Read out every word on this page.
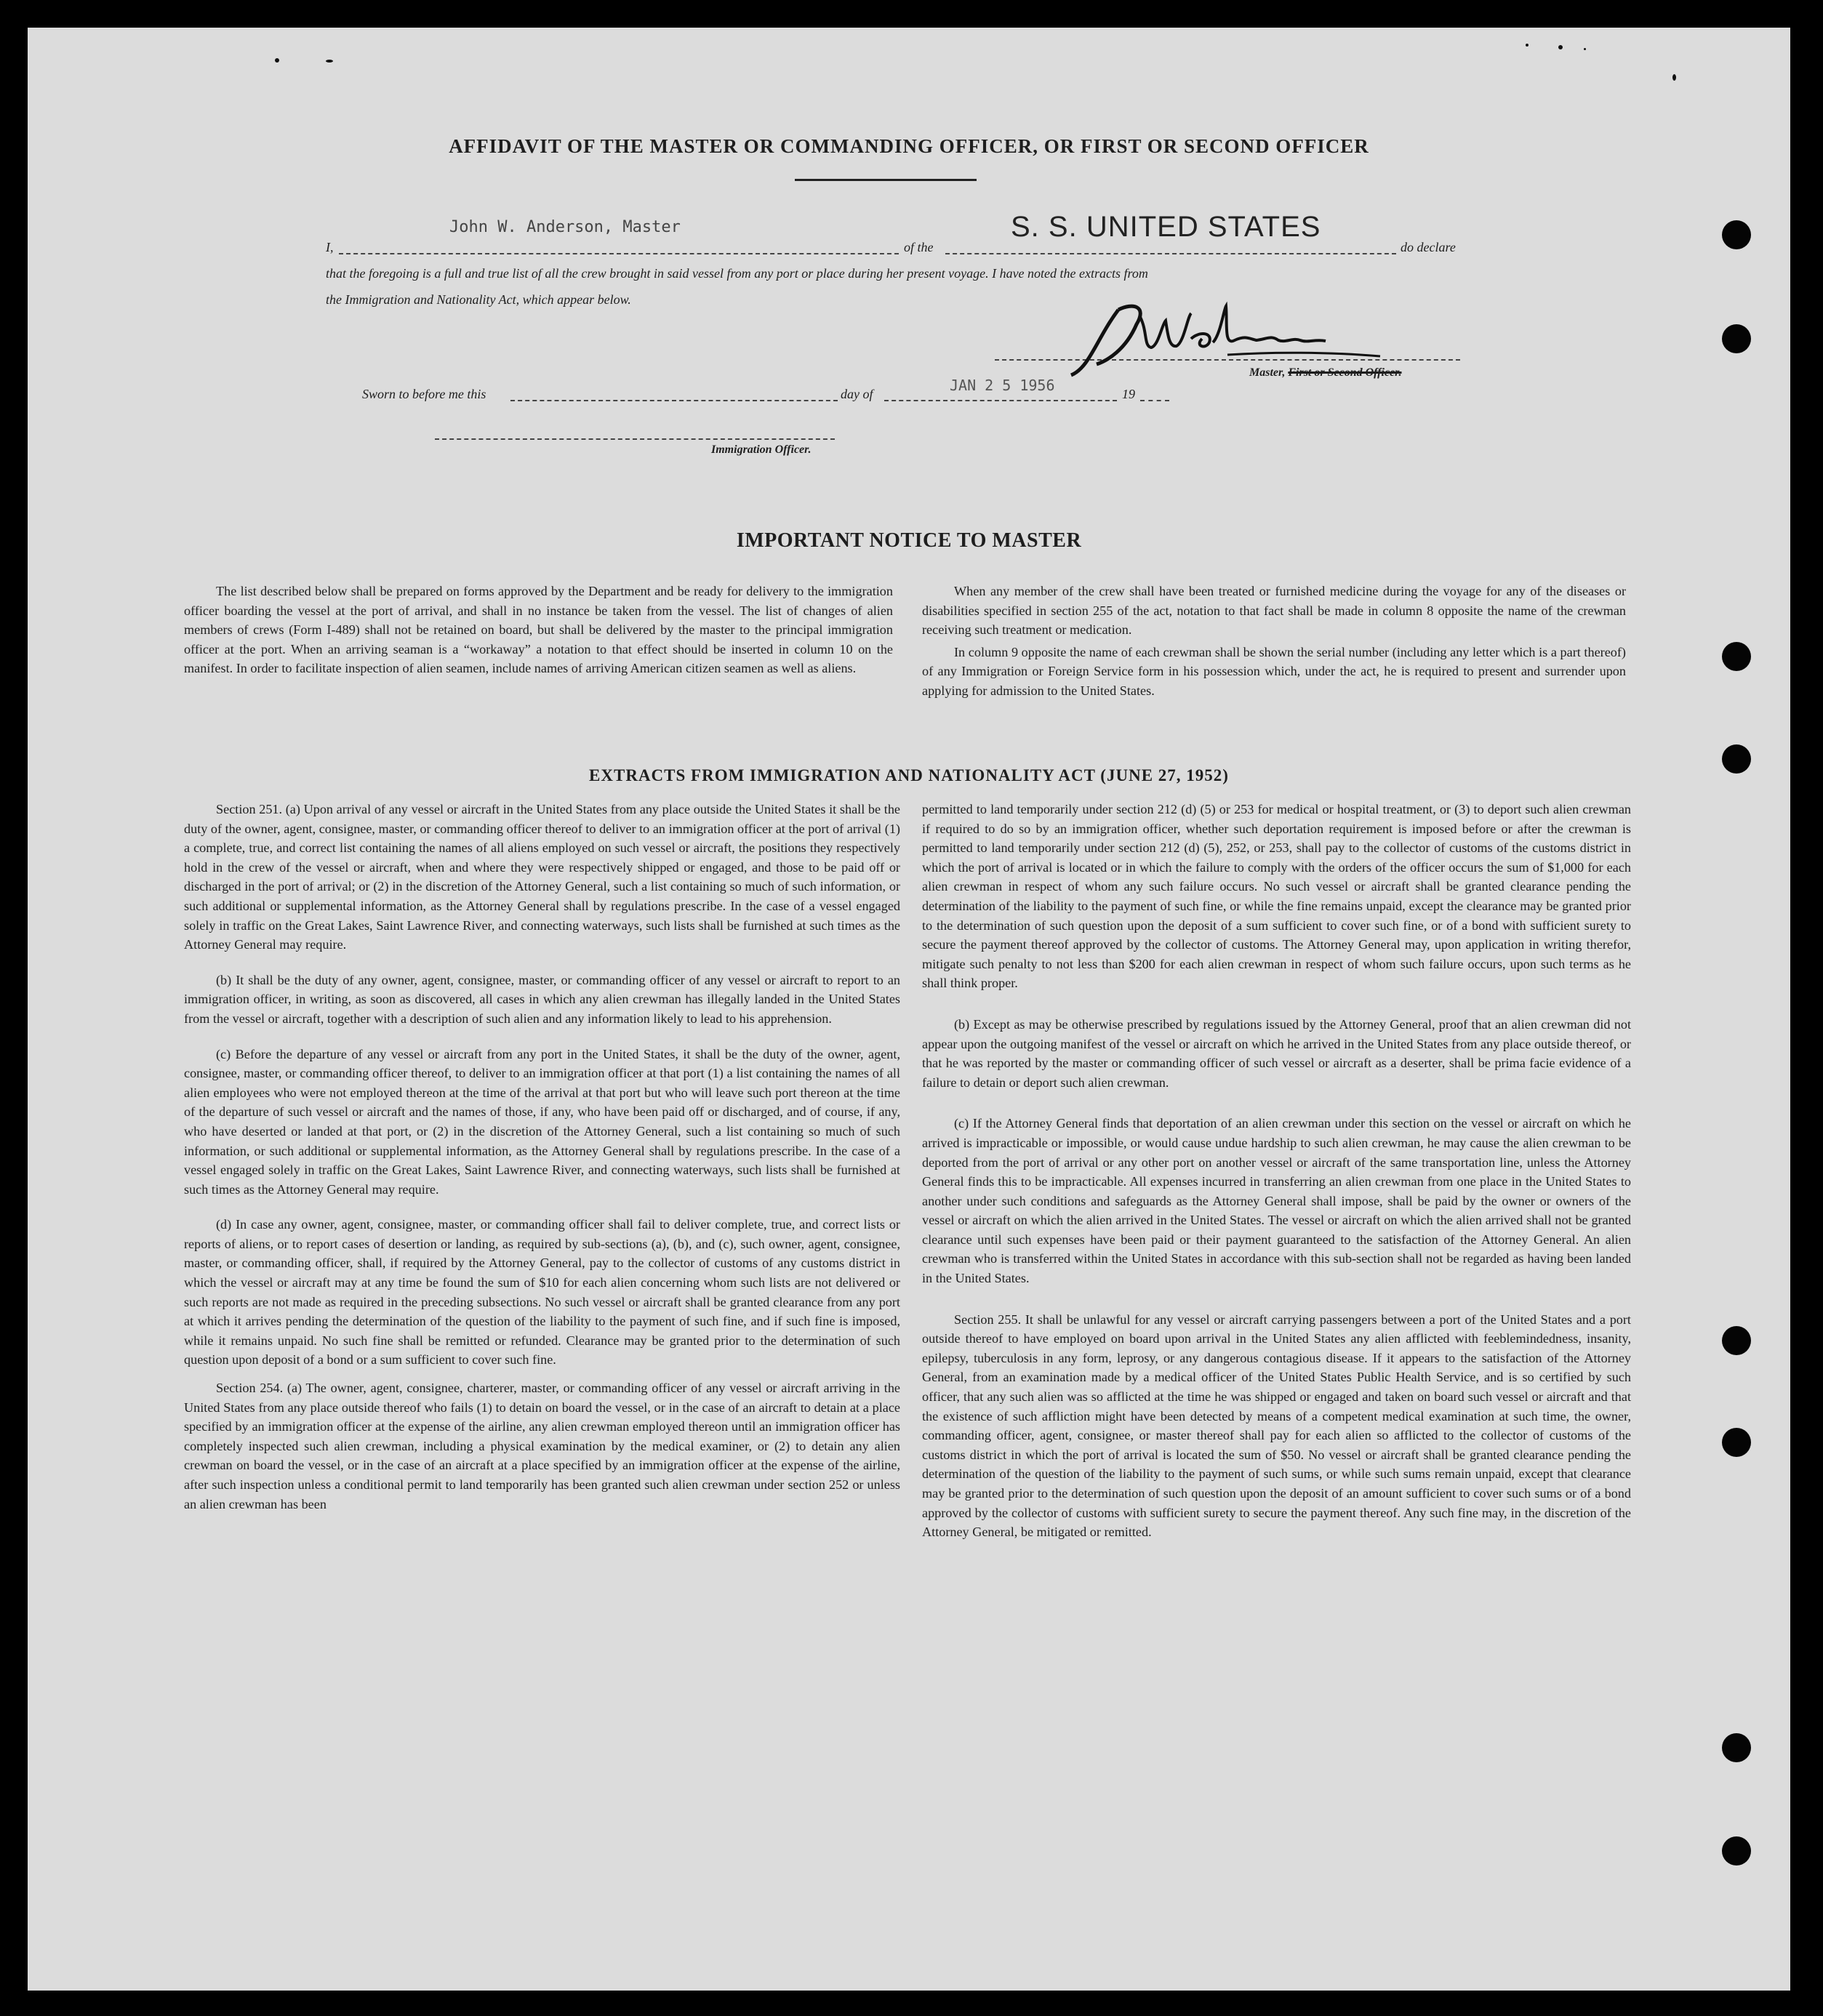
AFFIDAVIT OF THE MASTER OR COMMANDING OFFICER, OR FIRST OR SECOND OFFICER
I,
John W. Anderson, Master
of the
S. S. UNITED STATES
do declare
that the foregoing is a full and true list of all the crew brought in said vessel from any port or place during her present voyage. I have noted the extracts from
the Immigration and Nationality Act, which appear below.
Master, First or Second Officer.
Sworn to before me this	day of	JAN 2 5 1956	19
Immigration Officer.
IMPORTANT NOTICE TO MASTER

The list described below shall be prepared on forms approved by the Department and be ready for delivery to the immigration officer boarding the vessel at the port of arrival, and shall in no instance be taken from the vessel. The list of changes of alien members of crews (Form I-489) shall not be retained on board, but shall be delivered by the master to the principal immigration officer at the port. When an arriving seaman is a “workaway” a notation to that effect should be inserted in column 10 on the manifest. In order to facilitate inspection of alien seamen, include names of arriving American citizen seamen as well as aliens.

When any member of the crew shall have been treated or furnished medicine during the voyage for any of the diseases or disabilities specified in section 255 of the act, notation to that fact shall be made in column 8 opposite the name of the crewman receiving such treatment or medication.

In column 9 opposite the name of each crewman shall be shown the serial number (including any letter which is a part thereof) of any Immigration or Foreign Service form in his possession which, under the act, he is required to present and surrender upon applying for admission to the United States.

EXTRACTS FROM IMMIGRATION AND NATIONALITY ACT (JUNE 27, 1952)

Section 251. (a) Upon arrival of any vessel or aircraft in the United States from any place outside the United States it shall be the duty of the owner, agent, consignee, master, or commanding officer thereof to deliver to an immigration officer at the port of arrival (1) a complete, true, and correct list containing the names of all aliens employed on such vessel or aircraft, the positions they respectively hold in the crew of the vessel or aircraft, when and where they were respectively shipped or engaged, and those to be paid off or discharged in the port of arrival; or (2) in the discretion of the Attorney General, such a list containing so much of such information, or such additional or supplemental information, as the Attorney General shall by regulations prescribe. In the case of a vessel engaged solely in traffic on the Great Lakes, Saint Lawrence River, and connecting waterways, such lists shall be furnished at such times as the Attorney General may require.

(b) It shall be the duty of any owner, agent, consignee, master, or commanding officer of any vessel or aircraft to report to an immigration officer, in writing, as soon as discovered, all cases in which any alien crewman has illegally landed in the United States from the vessel or aircraft, together with a description of such alien and any information likely to lead to his apprehension.

(c) Before the departure of any vessel or aircraft from any port in the United States, it shall be the duty of the owner, agent, consignee, master, or commanding officer thereof, to deliver to an immigration officer at that port (1) a list containing the names of all alien employees who were not employed thereon at the time of the arrival at that port but who will leave such port thereon at the time of the departure of such vessel or aircraft and the names of those, if any, who have been paid off or discharged, and of course, if any, who have deserted or landed at that port, or (2) in the discretion of the Attorney General, such a list containing so much of such information, or such additional or supplemental information, as the Attorney General shall by regulations prescribe. In the case of a vessel engaged solely in traffic on the Great Lakes, Saint Lawrence River, and connecting waterways, such lists shall be furnished at such times as the Attorney General may require.

(d) In case any owner, agent, consignee, master, or commanding officer shall fail to deliver complete, true, and correct lists or reports of aliens, or to report cases of desertion or landing, as required by sub-sections (a), (b), and (c), such owner, agent, consignee, master, or commanding officer, shall, if required by the Attorney General, pay to the collector of customs of any customs district in which the vessel or aircraft may at any time be found the sum of $10 for each alien concerning whom such lists are not delivered or such reports are not made as required in the preceding subsections. No such vessel or aircraft shall be granted clearance from any port at which it arrives pending the determination of the question of the liability to the payment of such fine, and if such fine is imposed, while it remains unpaid. No such fine shall be remitted or refunded. Clearance may be granted prior to the determination of such question upon deposit of a bond or a sum sufficient to cover such fine.

Section 254. (a) The owner, agent, consignee, charterer, master, or commanding officer of any vessel or aircraft arriving in the United States from any place outside thereof who fails (1) to detain on board the vessel, or in the case of an aircraft to detain at a place specified by an immigration officer at the expense of the airline, any alien crewman employed thereon until an immigration officer has completely inspected such alien crewman, including a physical examination by the medical examiner, or (2) to detain any alien crewman on board the vessel, or in the case of an aircraft at a place specified by an immigration officer at the expense of the airline, after such inspection unless a conditional permit to land temporarily has been granted such alien crewman under section 252 or unless an alien crewman has been

permitted to land temporarily under section 212 (d) (5) or 253 for medical or hospital treatment, or (3) to deport such alien crewman if required to do so by an immigration officer, whether such deportation requirement is imposed before or after the crewman is permitted to land temporarily under section 212 (d) (5), 252, or 253, shall pay to the collector of customs of the customs district in which the port of arrival is located or in which the failure to comply with the orders of the officer occurs the sum of $1,000 for each alien crewman in respect of whom any such failure occurs. No such vessel or aircraft shall be granted clearance pending the determination of the liability to the payment of such fine, or while the fine remains unpaid, except the clearance may be granted prior to the determination of such question upon the deposit of a sum sufficient to cover such fine, or of a bond with sufficient surety to secure the payment thereof approved by the collector of customs. The Attorney General may, upon application in writing therefor, mitigate such penalty to not less than $200 for each alien crewman in respect of whom such failure occurs, upon such terms as he shall think proper.

(b) Except as may be otherwise prescribed by regulations issued by the Attorney General, proof that an alien crewman did not appear upon the outgoing manifest of the vessel or aircraft on which he arrived in the United States from any place outside thereof, or that he was reported by the master or commanding officer of such vessel or aircraft as a deserter, shall be prima facie evidence of a failure to detain or deport such alien crewman.

(c) If the Attorney General finds that deportation of an alien crewman under this section on the vessel or aircraft on which he arrived is impracticable or impossible, or would cause undue hardship to such alien crewman, he may cause the alien crewman to be deported from the port of arrival or any other port on another vessel or aircraft of the same transportation line, unless the Attorney General finds this to be impracticable. All expenses incurred in transferring an alien crewman from one place in the United States to another under such conditions and safeguards as the Attorney General shall impose, shall be paid by the owner or owners of the vessel or aircraft on which the alien arrived in the United States. The vessel or aircraft on which the alien arrived shall not be granted clearance until such expenses have been paid or their payment guaranteed to the satisfaction of the Attorney General. An alien crewman who is transferred within the United States in accordance with this sub-section shall not be regarded as having been landed in the United States.

Section 255. It shall be unlawful for any vessel or aircraft carrying passengers between a port of the United States and a port outside thereof to have employed on board upon arrival in the United States any alien afflicted with feeblemindedness, insanity, epilepsy, tuberculosis in any form, leprosy, or any dangerous contagious disease. If it appears to the satisfaction of the Attorney General, from an examination made by a medical officer of the United States Public Health Service, and is so certified by such officer, that any such alien was so afflicted at the time he was shipped or engaged and taken on board such vessel or aircraft and that the existence of such affliction might have been detected by means of a competent medical examination at such time, the owner, commanding officer, agent, consignee, or master thereof shall pay for each alien so afflicted to the collector of customs of the customs district in which the port of arrival is located the sum of $50. No vessel or aircraft shall be granted clearance pending the determination of the question of the liability to the payment of such sums, or while such sums remain unpaid, except that clearance may be granted prior to the determination of such question upon the deposit of an amount sufficient to cover such sums or of a bond approved by the collector of customs with sufficient surety to secure the payment thereof. Any such fine may, in the discretion of the Attorney General, be mitigated or remitted.
